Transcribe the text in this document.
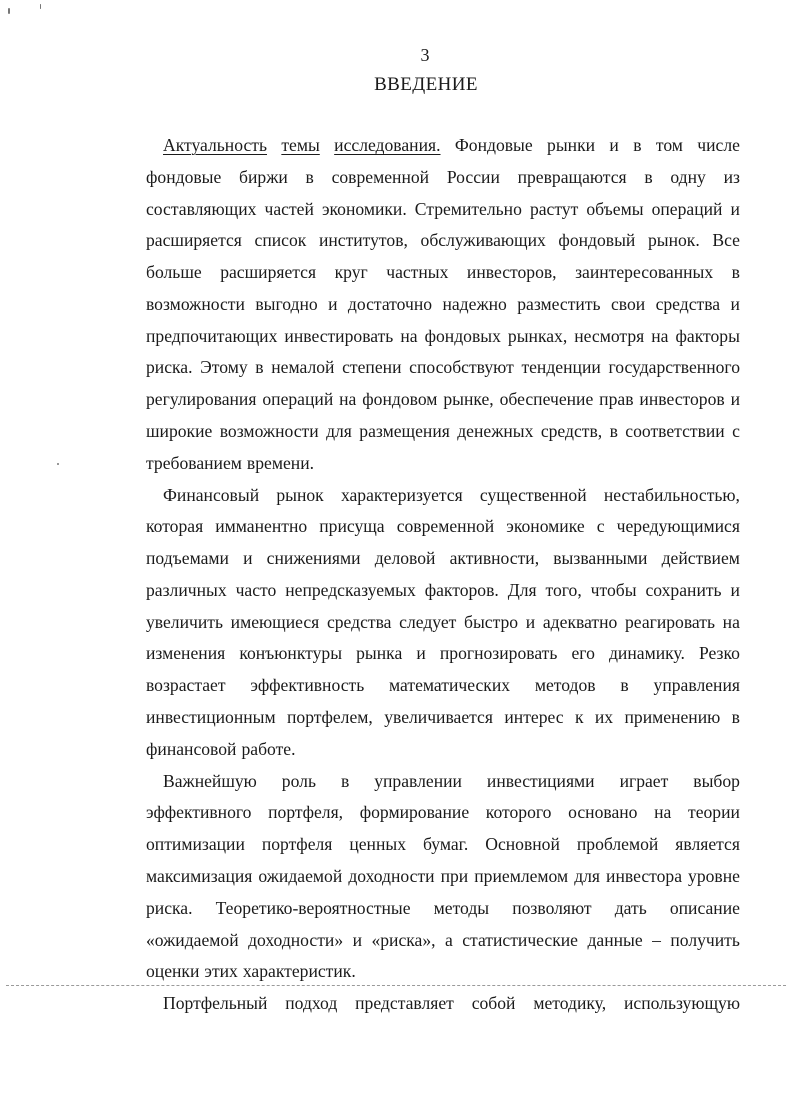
3
ВВЕДЕНИЕ
Актуальность темы исследования. Фондовые рынки и в том числе
фондовые биржи в современной России превращаются в одну из
составляющих частей экономики. Стремительно растут объемы операций и
расширяется список институтов, обслуживающих фондовый рынок. Все
больше расширяется круг частных инвесторов, заинтересованных в
возможности выгодно и достаточно надежно разместить свои средства и
предпочитающих инвестировать на фондовых рынках, несмотря на факторы
риска. Этому в немалой степени способствуют тенденции государственного
регулирования операций на фондовом рынке, обеспечение прав инвесторов и
широкие возможности для размещения денежных средств, в соответствии с
требованием времени.
Финансовый рынок характеризуется существенной нестабильностью,
которая имманентно присуща современной экономике с чередующимися
подъемами и снижениями деловой активности, вызванными действием
различных часто непредсказуемых факторов. Для того, чтобы сохранить и
увеличить имеющиеся средства следует быстро и адекватно реагировать на
изменения конъюнктуры рынка и прогнозировать его динамику. Резко
возрастает эффективность математических методов в управления
инвестиционным портфелем, увеличивается интерес к их применению в
финансовой работе.
Важнейшую роль в управлении инвестициями играет выбор
эффективного портфеля, формирование которого основано на теории
оптимизации портфеля ценных бумаг. Основной проблемой является
максимизация ожидаемой доходности при приемлемом для инвестора уровне
риска. Теоретико-вероятностные методы позволяют дать описание
«ожидаемой доходности» и «риска», а статистические данные – получить
оценки этих характеристик.
Портфельный подход представляет собой методику, использующую
